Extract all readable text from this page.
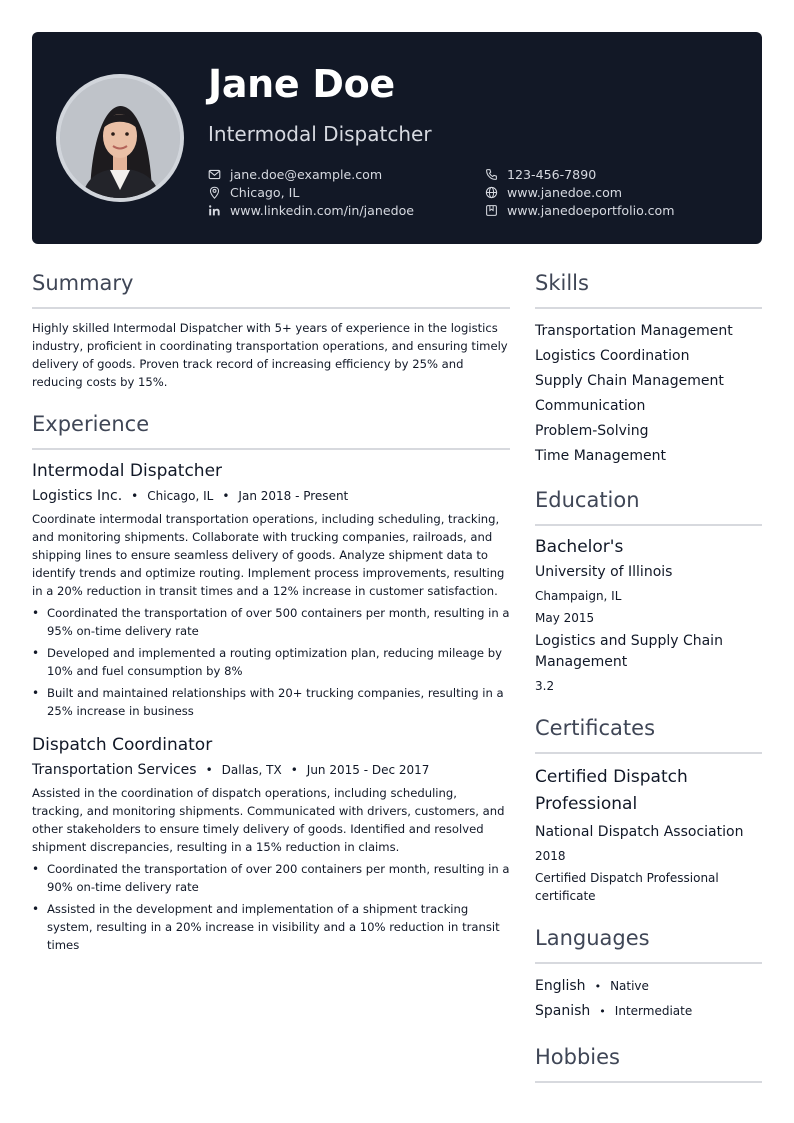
Jane Doe
Intermodal Dispatcher
jane.doe@example.com	123-456-7890
Chicago, IL	www.janedoe.com
www.linkedin.com/in/janedoe	www.janedoeportfolio.com
Summary

Highly skilled Intermodal Dispatcher with 5+ years of experience in the logistics industry, proficient in coordinating transportation operations, and ensuring timely delivery of goods. Proven track record of increasing efficiency by 25% and reducing costs by 15%.

Experience
Intermodal Dispatcher
Logistics Inc. • Chicago, IL • Jan 2018 - Present

Coordinate intermodal transportation operations, including scheduling, tracking, and monitoring shipments. Collaborate with trucking companies, railroads, and shipping lines to ensure seamless delivery of goods. Analyze shipment data to identify trends and optimize routing. Implement process improvements, resulting in a 20% reduction in transit times and a 12% increase in customer satisfaction.

• Coordinated the transportation of over 500 containers per month, resulting in a 95% on-time delivery rate
• Developed and implemented a routing optimization plan, reducing mileage by 10% and fuel consumption by 8%
• Built and maintained relationships with 20+ trucking companies, resulting in a 25% increase in business
Dispatch Coordinator
Transportation Services • Dallas, TX • Jun 2015 - Dec 2017

Assisted in the coordination of dispatch operations, including scheduling, tracking, and monitoring shipments. Communicated with drivers, customers, and other stakeholders to ensure timely delivery of goods. Identified and resolved shipment discrepancies, resulting in a 15% reduction in claims.

• Coordinated the transportation of over 200 containers per month, resulting in a 90% on-time delivery rate
• Assisted in the development and implementation of a shipment tracking system, resulting in a 20% increase in visibility and a 10% reduction in transit times
Skills
Transportation Management
Logistics Coordination
Supply Chain Management
Communication
Problem-Solving
Time Management
Education
Bachelor's
University of Illinois
Champaign, IL
May 2015
Logistics and Supply Chain Management
3.2
Certificates
Certified Dispatch Professional
National Dispatch Association
2018
Certified Dispatch Professional certificate
Languages
English • Native
Spanish • Intermediate
Hobbies
